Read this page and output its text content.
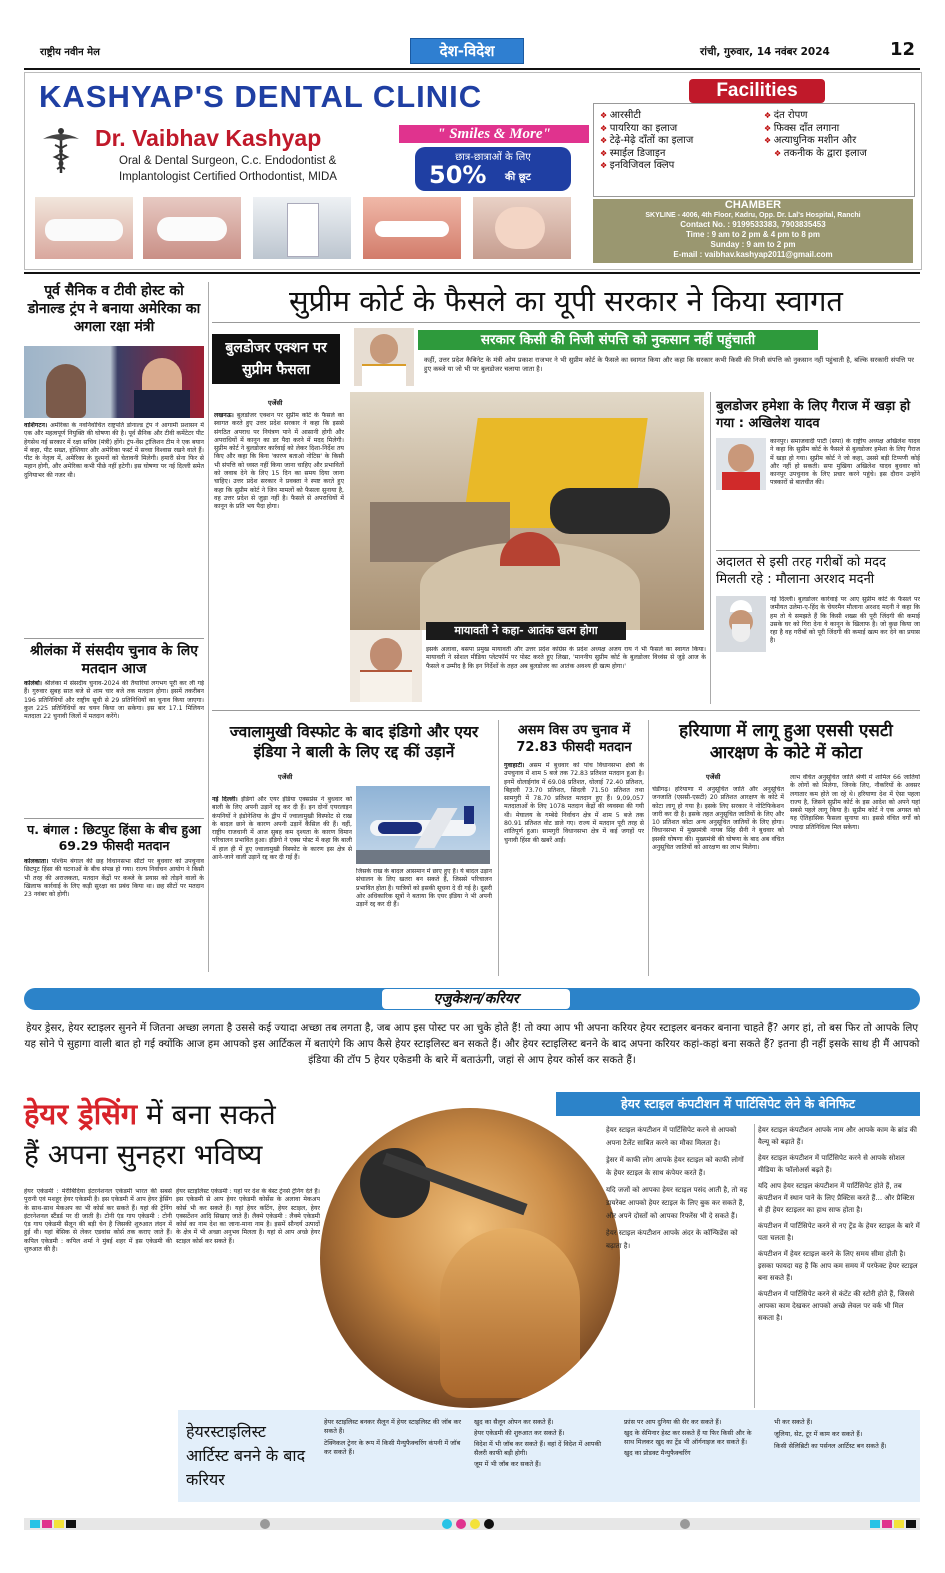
राष्ट्रीय नवीन मेल	देश-विदेश	रांची, गुरुवार, 14 नवंबर 2024	12
KASHYAP'S DENTAL CLINIC
Dr. Vaibhav Kashyap
Oral & Dental Surgeon, C.c. Endodontist &
Implantologist Certified Orthodontist, MIDA
" Smiles & More"
छात्र-छात्राओं के लिए
50% की छूट
❖ आरसीटी
❖ पायरिया का इलाज
❖ टेढ़े-मेढ़े दाँतों का इलाज
❖ स्माईल डिजाइन
❖ इनविजिवल क्लिप
❖ दंत रोपण
❖ फिक्स दाँत लगाना
❖ अत्याधुनिक मशीन और
❖ तकनीक के द्वारा इलाज
Facilities
CHAMBER
SKYLINE - 4006, 4th Floor, Kadru, Opp. Dr. Lal's Hospital, Ranchi
Contact No. : 9199533383, 7903835453
Time : 9 am to 2 pm & 4 pm to 8 pm
Sunday : 9 am to 2 pm
E-mail : vaibhav.kashyap2011@gmail.com
पूर्व सैनिक व टीवी होस्ट को डोनाल्ड ट्रंप ने बनाया अमेरिका का अगला रक्षा मंत्री
वाशिंगटन। अमेरिका के नवनिर्वाचित राष्ट्रपति डोनाल्ड ट्रंप ने आगामी प्रशासन में एक और महत्वपूर्ण नियुक्ति की घोषणा की है। पूर्व सैनिक और टीवी कमेंटेटर पीट हेगसेथ नई सरकार में रक्षा सचिव (मंत्री) होंगे। ट्रंप-वेंस ट्रांजिशन टीम ने एक बयान में कहा, पीट सख्त, होशियार और अमेरिका फर्स्ट में सच्चा विश्वास रखने वाले हैं। पीट के नेतृत्व में, अमेरिका के दुश्मनों को चेतावनी मिलेगी। हमारी सेना फिर से महान होगी, और अमेरिका कभी पीछे नहीं हटेगी। इस घोषणा पर नई दिल्ली समेत दुनियाभर की नजर थी।
श्रीलंका में संसदीय चुनाव के लिए मतदान आज
कोलंबो। श्रीलंका में संसदीय चुनाव-2024 की तैयारियां लगभग पूरी कर ली गई हैं। गुरुवार सुबह सात बजे से शाम चार बजे तक मतदान होगा। इसमें तकरीबन 196 प्रतिनिधियों और राष्ट्रीय सूची से 29 प्रतिनिधियों का चुनाव किया जाएगा। कुल 225 प्रतिनिधियों का चयन किया जा सकेगा। इस बार 17.1 मिलियन मतदाता 22 चुनावी जिलों में मतदान करेंगे।
प. बंगाल : छिटपुट हिंसा के बीच हुआ 69.29 फीसदी मतदान
कोलकाता। पश्चिम बंगाल की छह विधानसभा सीटों पर बुधवार को उपचुनाव छिटपुट हिंसा की घटनाओं के बीच संपन्न हो गया। राज्य निर्वाचन आयोग ने किसी भी तरह की अराजकता, मतदान केंद्रों पर कब्जे के प्रयास को तोड़ने वालों के खिलाफ कार्रवाई के लिए कड़ी सुरक्षा का प्रबंध किया था। छह सीटों पर मतदान 23 नवंबर को होगी।
सुप्रीम कोर्ट के फैसले का यूपी सरकार ने किया स्वागत
बुलडोजर एक्शन पर सुप्रीम फैसला
सरकार किसी की निजी संपत्ति को नुकसान नहीं पहुंचाती
कहीं, उत्तर प्रदेश कैबिनेट के मंत्री ओम प्रकाश राजभर ने भी सुप्रीम कोर्ट के फैसले का स्वागत किया और कहा कि सरकार कभी किसी की निजी संपत्ति को नुकसान नहीं पहुंचाती है, बल्कि सरकारी संपत्ति पर हुए कब्जे या जो भी पर बुलडोजर चलाया जाता है।
एजेंसी
लखनऊ। बुलडोजर एक्शन पर सुप्रीम कोर्ट के फैसले का स्वागत करते हुए उत्तर प्रदेश सरकार ने कहा कि इससे संगठित अपराध पर नियंत्रण पाने में आसानी होगी और अपराधियों में कानून का डर पैदा करने में मदद मिलेगी। सुप्रीम कोर्ट ने बुलडोजर कार्रवाई को लेकर दिशा-निर्देश तय किए और कहा कि बिना 'कारण बताओ नोटिस' के किसी भी संपत्ति को ध्वस्त नहीं किया जाना चाहिए और प्रभावितों को जवाब देने के लिए 15 दिन का समय दिया जाना चाहिए। उत्तर प्रदेश सरकार ने प्रवक्ता ने स्पष्ट करते हुए कहा कि सुप्रीम कोर्ट ने जिन मामलों को फैसला सुनाया है, वह उत्तर प्रदेश से जुड़ा नहीं है। फैसले से अपराधियों में कानून के प्रति भय पैदा होगा।
मायावती ने कहा- आतंक खत्म होगा
इसके अलावा, बसपा प्रमुख मायावती और उत्तर प्रदेश कांग्रेस के प्रदेश अध्यक्ष अजय राय ने भी फैसले का स्वागत किया। मायावती ने सोशल मीडिया प्लेटफॉर्म पर पोस्ट करते हुए लिखा, 'माननीय सुप्रीम कोर्ट के बुलडोजर विध्वंस से जुड़े आज के फैसले व उम्मीद है कि इन निर्देशों के तहत अब बुलडोजर का आतंक अवश्य ही खत्म होगा।'
बुलडोजर हमेशा के लिए गैराज में खड़ा हो गया : अखिलेश यादव
कानपुर। समाजवादी पार्टी (सपा) के राष्ट्रीय अध्यक्ष अखिलेश यादव ने कहा कि सुप्रीम कोर्ट के फैसले से बुलडोजर हमेशा के लिए गैराज में खड़ा हो गया। सुप्रीम कोर्ट ने जो कहा, उससे बड़ी टिप्पणी कोई और नहीं हो सकती। सपा मुखिया अखिलेश यादव बुधवार को कानपुर उपचुनाव के लिए प्रचार करने पहुंचे। इस दौरान उन्होंने पत्रकारों से बातचीत की।
अदालत से इसी तरह गरीबों को मदद मिलती रहे : मौलाना अरशद मदनी
नई दिल्ली। बुलडोजर कार्रवाई पर आए सुप्रीम कोर्ट के फैसले पर जमीयत उलेमा-ए-हिंद के चेयरमैन मौलाना अरशद मदनी ने कहा कि हम तो ये समझते हैं कि किसी शख्स की पूरी जिंदगी की कमाई उसके घर को गिरा देना ये कानून के खिलाफ है। जो कुछ किया जा रहा है वह गरीबों को पूरी जिंदगी की कमाई खत्म कर देने का प्रयास है।
ज्वालामुखी विस्फोट के बाद इंडिगो और एयर इंडिया ने बाली के लिए रद्द कीं उड़ानें
एजेंसी
नई दिल्ली। इंडिगो और एयर इंडिया एक्सप्रेस ने बुधवार को बाली के लिए अपनी उड़ानें रद्द कर दी हैं। इन दोनों एयरलाइन कंपनियों ने इंडोनेशिया के द्वीप में ज्वालामुखी विस्फोट से राख के बादल छाने के कारण अपनी उड़ानें कैंसिल की हैं। वहीं, राष्ट्रीय राजधानी में आज सुबह कम दृश्यता के कारण विमान परिचालन प्रभावित हुआ। इंडिगो ने एक्स पोस्ट में कहा कि बाली में हाल ही में हुए ज्वालामुखी विस्फोट के कारण इस क्षेत्र से आने-जाने वाली उड़ानें रद्द कर दी गई हैं।
जिसके राख के बादल आसमान में छाए हुए हैं। ये बादल उड़ान संचालन के लिए खतरा बन सकते हैं, जिससे परिचालन प्रभावित होता है। यात्रियों को इसकी सूचना दे दी गई है। दूसरी ओर अधिकारिक सूत्रों ने बताया कि एयर इंडिया ने भी अपनी उड़ानें रद्द कर दी हैं।
असम विस उप चुनाव में 72.83 फीसदी मतदान
गुवाहाटी। असम में बुधवार को पांच विधानसभा क्षेत्रों के उपचुनाव में शाम 5 बजे तक 72.83 प्रतिशत मतदान हुआ है। इनमें धोलाईगांव में 69.08 प्रतिशत, धोलाई 72.40 प्रतिशत, बिहाली 73.70 प्रतिशत, सिदली 71.50 प्रतिशत तथा सामगुरी में 78.70 प्रतिशत मतदान हुए हैं। 9,09,057 मतदाताओं के लिए 1078 मतदान केंद्रों की व्यवस्था की गयी थी। मेघालय के गम्बेग्रे निर्वाचन क्षेत्र में शाम 5 बजे तक 80.91 प्रतिशत वोट डाले गए। राज्य में मतदान पूरी तरह से शांतिपूर्ण हुआ। सामगुरी विधानसभा क्षेत्र में कई जगहों पर चुनावी हिंसा की खबरें आईं।
हरियाणा में लागू हुआ एससी एसटी आरक्षण के कोटे में कोटा
एजेंसी
चंडीगढ़। हरियाणा में अनुसूचित जाति और अनुसूचित जनजाति (एससी-एसटी) 20 प्रतिशत आरक्षण के कोटे में कोटा लागू हो गया है। इसके लिए सरकार ने नोटिफिकेशन जारी कर दी है। इसके तहत अनुसूचित जातियों के लिए और 10 प्रतिशत कोटा अन्य अनुसूचित जातियों के लिए होगा। विधानसभा में मुख्यमंत्री नायब सिंह सैनी ने बुधवार को इसकी घोषणा की। मुख्यमंत्री की घोषणा के बाद अब वंचित अनुसूचित जातियों को आरक्षण का लाभ मिलेगा।
लाभ वंचित अनुसूचित जाति श्रेणी में शामिल 66 जातियों के लोगों को मिलेगा, जिनके लिए, नौकरियों के अवसर लगातार कम होते जा रहे थे। हरियाणा देश में ऐसा पहला राज्य है, जिसने सुप्रीम कोर्ट के इस आदेश को अपने यहां सबसे पहले लागू किया है। सुप्रीम कोर्ट ने एक अगस्त को यह ऐतिहासिक फैसला सुनाया था। इससे वंचित वर्गों को ज्यादा प्रतिनिधित्व मिल सकेगा।
एजुकेशन/करियर
हेयर ड्रेसर, हेयर स्टाइलर सुनने में जितना अच्छा लगता है उससे कई ज्यादा अच्छा तब लगता है, जब आप इस पोस्ट पर आ चुके होते हैं! तो क्या आप भी अपना करियर हेयर स्टाइलर बनकर बनाना चाहते हैं? अगर हां, तो बस फिर तो आपके लिए यह सोने पे सुहागा वाली बात हो गई क्योंकि आज हम आपको इस आर्टिकल में बताएंगे कि आप कैसे हेयर स्टाइलिस्ट बन सकते हैं। और हेयर स्टाइलिस्ट बनने के बाद अपना करियर कहां-कहां बना सकते हैं? इतना ही नहीं इसके साथ ही मैं आपको इंडिया की टॉप 5 हेयर एकेडमी के बारे में बताऊंगी, जहां से आप हेयर कोर्स कर सकते हैं।
हेयर ड्रेसिंग में बना सकते
हैं अपना सुनहरा भविष्य
हेयर स्टाइल कंपटीशन में पार्टिसिपेट लेने के बेनिफिट
हेयर एकेडमी : मेरीबिदिया इंटरनेशनल एकेडमी भारत की सबसे पुरानी एवं मशहूर हेयर एकेडमी है। इस एकेडमी में आप हेयर ड्रेसिंग के साथ-साथ मेकअप का भी कोर्स कर सकते हैं। यहां की ट्रेनिंग इंटरनेशनल स्टैंडर्ड पर दी जाती है। टोनी एंड गाय एकेडमी : टोनी एंड गाय एकेडमी सैलून की बड़ी चेन है जिसकी शुरुआत लंदन में हुई थी। यहां बेसिक से लेकर एडवांस कोर्स तक कराए जाते हैं। कपिल एकेडमी : कपिल शर्मा ने मुंबई शहर में इस एकेडमी की शुरुआत की है।
हेयर स्टाइलिस्ट एकेडमी : यहां पर देश के बेस्ट ट्रेनर्स ट्रेनिंग देते हैं। इस एकेडमी से आप हेयर एकेडमी कोर्सेस के अलावा मेकअप कोर्स भी कर सकते हैं। यहां हेयर कटिंग, हेयर स्टाइल, हेयर एक्सटेंशन आदि सिखाए जाते हैं। लैक्मे एकेडमी : लैक्मे एकेडमी कोर्स का नाम देश का जाना-माना नाम है। इसमें सौन्दर्य उत्पादों के क्षेत्र में भी अच्छा अनुभव मिलता है। यहां से आप अच्छे हेयर स्टाइल कोर्स कर सकते हैं।
हेयर स्टाइल कंपटीशन में पार्टिसिपेट करने से आपको अपना टैलेंट साबित करने का मौका मिलता है।
ड्रेसर में काफी लोग आपके हेयर स्टाइल को काफी लोगों के हेयर स्टाइल के साथ कंपेयर करते हैं।
यदि जजों को आपका हेयर स्टाइल पसंद आती है, तो वह डायरेक्ट आपको हेयर स्टाइल के लिए बुक कर सकते हैं, और अपने दोस्तों को आपका रिफरेंस भी दे सकते हैं।
हेयर स्टाइल कंपटीशन आपके अंदर के कॉन्फिडेंस को बढ़ाता है।
हेयर स्टाइल कंपटीशन आपके नाम और आपके काम के ब्रांड की वैल्यू को बढ़ाते हैं।
हेयर स्टाइल कंपटीशन में पार्टिसिपेट करने से आपके सोशल मीडिया के फॉलोअर्स बढ़ते हैं।
यदि आप हेयर स्टाइल कंपटीशन में पार्टिसिपेट होते हैं, तब कंपटीशन में स्थान पाने के लिए प्रैक्टिस करते हैं... और प्रैक्टिस से ही हेयर स्टाइलर का हाथ साफ होता है।
कंपटीशन में पार्टिसिपेट करने से नए ट्रेंड के हेयर स्टाइल के बारे में पता चलता है।
कंपटीशन में हेयर स्टाइल करने के लिए समय सीमा होती है। इसका फायदा यह है कि आप कम समय में परफेक्ट हेयर स्टाइल बना सकते हैं।
कंपटीशन में पार्टिसिपेट करने से कंटेंट की स्टोरी होते हैं, जिससे आपका काम देखकर आपको अच्छे लेवल पर वर्क भी मिल सकता है।
हेयरस्टाइलिस्ट आर्टिस्ट बनने के बाद करियर
हेयर स्टाइलिस्ट बनकर सैलून में हेयर स्टाइलिस्ट की जॉब कर सकते हैं।
टेक्निकल ट्रेनर के रूप में किसी मैन्युफैक्चरिंग कंपनी में जॉब कर सकते हैं।
खुद का सैलून ओपन कर सकते हैं।
हेयर एकेडमी की शुरुआत कर सकते हैं।
विदेश में भी जॉब कर सकते हैं। वहां दें विदेश में आपकी सैलरी काफी बड़ी होगी।
जूम में भी जॉब कर सकते हैं।
फ्रांस पर आप दुनिया की सैर कर सकते हैं।
खुद के सेमिनार हेस्ट कर सकते हैं या फिर किसी और के साथ मिलकर खुद का ट्रेंड भी ऑर्गनाइज कर सकते हैं।
खुद का प्रोडक्ट मैन्युफैक्चरिंग
भी कर सकते हैं।
जूलिया, सेट, टूर में काम कर सकते हैं।
किसी सेलिब्रिटी का पर्सनल आर्टिस्ट बन सकते हैं।
